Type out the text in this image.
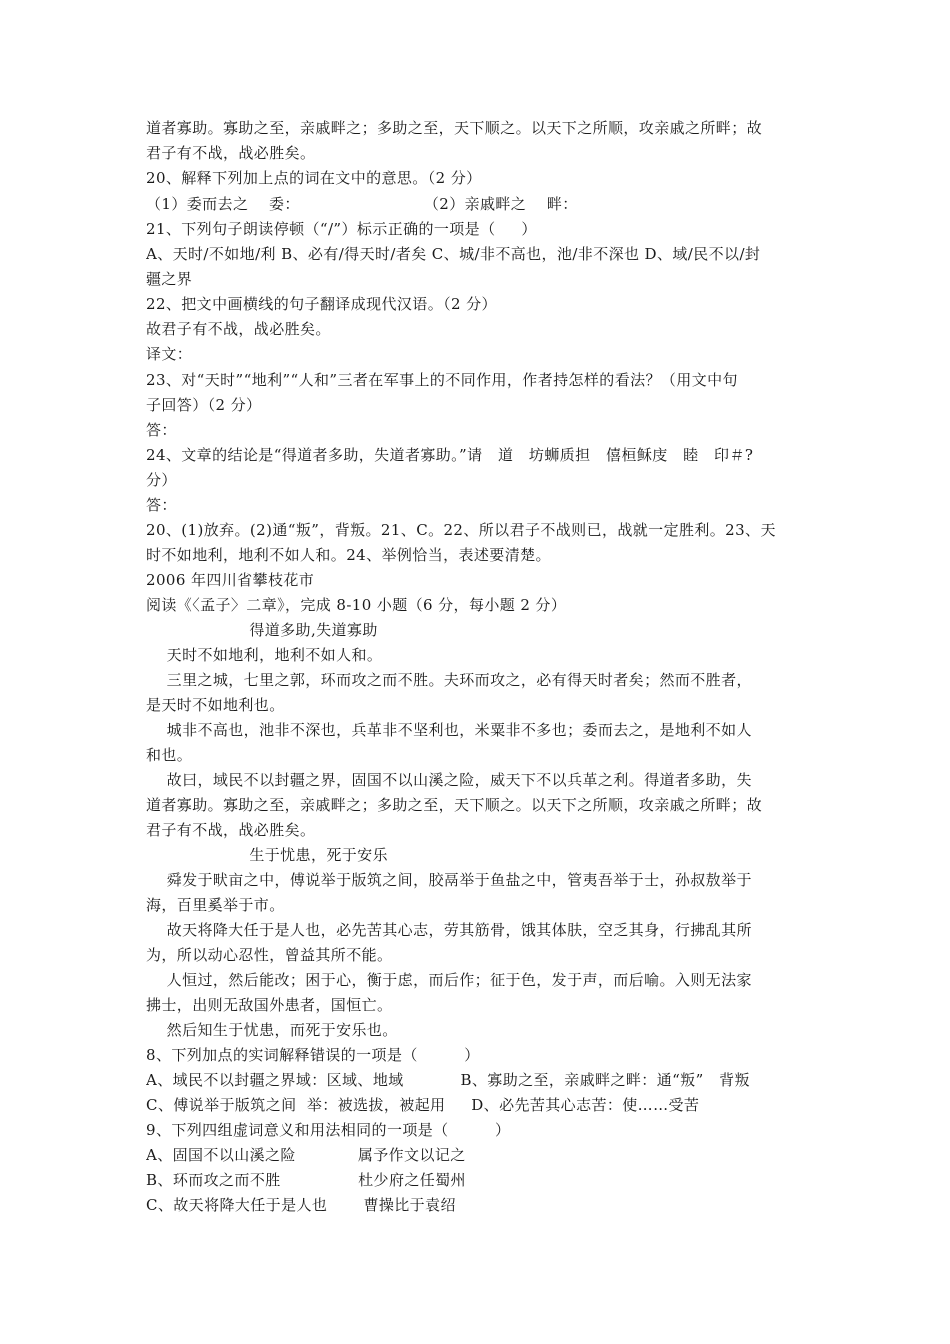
道者寡助。寡助之至，亲戚畔之；多助之至，天下顺之。以天下之所顺，攻亲戚之所畔；故
君子有不战，战必胜矣。
20、解释下列加上点的词在文中的意思。（2 分）
（1）委而去之    委：                        （2）亲戚畔之    畔：
21、下列句子朗读停顿（“/”）标示正确的一项是（     ）
A、天时/不如地/利 B、必有/得天时/者矣 C、城/非不高也，池/非不深也 D、域/民不以/封
疆之界
22、把文中画横线的句子翻译成现代汉语。（2 分）
故君子有不战，战必胜矣。
译文：
23、对“天时”“地利”“人和”三者在军事上的不同作用，作者持怎样的看法？（用文中句
子回答）（2 分）
答：
24、文章的结论是“得道者多助，失道者寡助。”请   道   坊蛳质担   僖桓稣庋   睦   印＃?
分）
答：
20、(1)放弃。(2)通“叛”，背叛。21、C。22、所以君子不战则已，战就一定胜利。23、天
时不如地利，地利不如人和。24、举例恰当，表述要清楚。
2006 年四川省攀枝花市
阅读《〈孟子〉二章》，完成 8-10 小题（6 分，每小题 2 分）
得道多助,失道寡助
天时不如地利，地利不如人和。
三里之城，七里之郭，环而攻之而不胜。夫环而攻之，必有得天时者矣；然而不胜者，
是天时不如地利也。
城非不高也，池非不深也，兵革非不坚利也，米粟非不多也；委而去之，是地利不如人
和也。
故曰，域民不以封疆之界，固国不以山溪之险，威天下不以兵革之利。得道者多助，失
道者寡助。寡助之至，亲戚畔之；多助之至，天下顺之。以天下之所顺，攻亲戚之所畔；故
君子有不战，战必胜矣。
生于忧患，死于安乐
舜发于畎亩之中，傅说举于版筑之间，胶鬲举于鱼盐之中，管夷吾举于士，孙叔敖举于
海，百里奚举于市。
故天将降大任于是人也，必先苦其心志，劳其筋骨，饿其体肤，空乏其身，行拂乱其所
为，所以动心忍性，曾益其所不能。
人恒过，然后能改；困于心，衡于虑，而后作；征于色，发于声，而后喻。入则无法家
拂士，出则无敌国外患者，国恒亡。
然后知生于忧患，而死于安乐也。
8、下列加点的实词解释错误的一项是（         ）
A、域民不以封疆之界域：区域、地域           B、寡助之至，亲戚畔之畔：通“叛”   背叛
C、傅说举于版筑之间  举：被选拔，被起用     D、必先苦其心志苦：使……受苦
9、下列四组虚词意义和用法相同的一项是（         ）
A、固国不以山溪之险            属予作文以记之
B、环而攻之而不胜               杜少府之任蜀州
C、故天将降大任于是人也       曹操比于袁绍
